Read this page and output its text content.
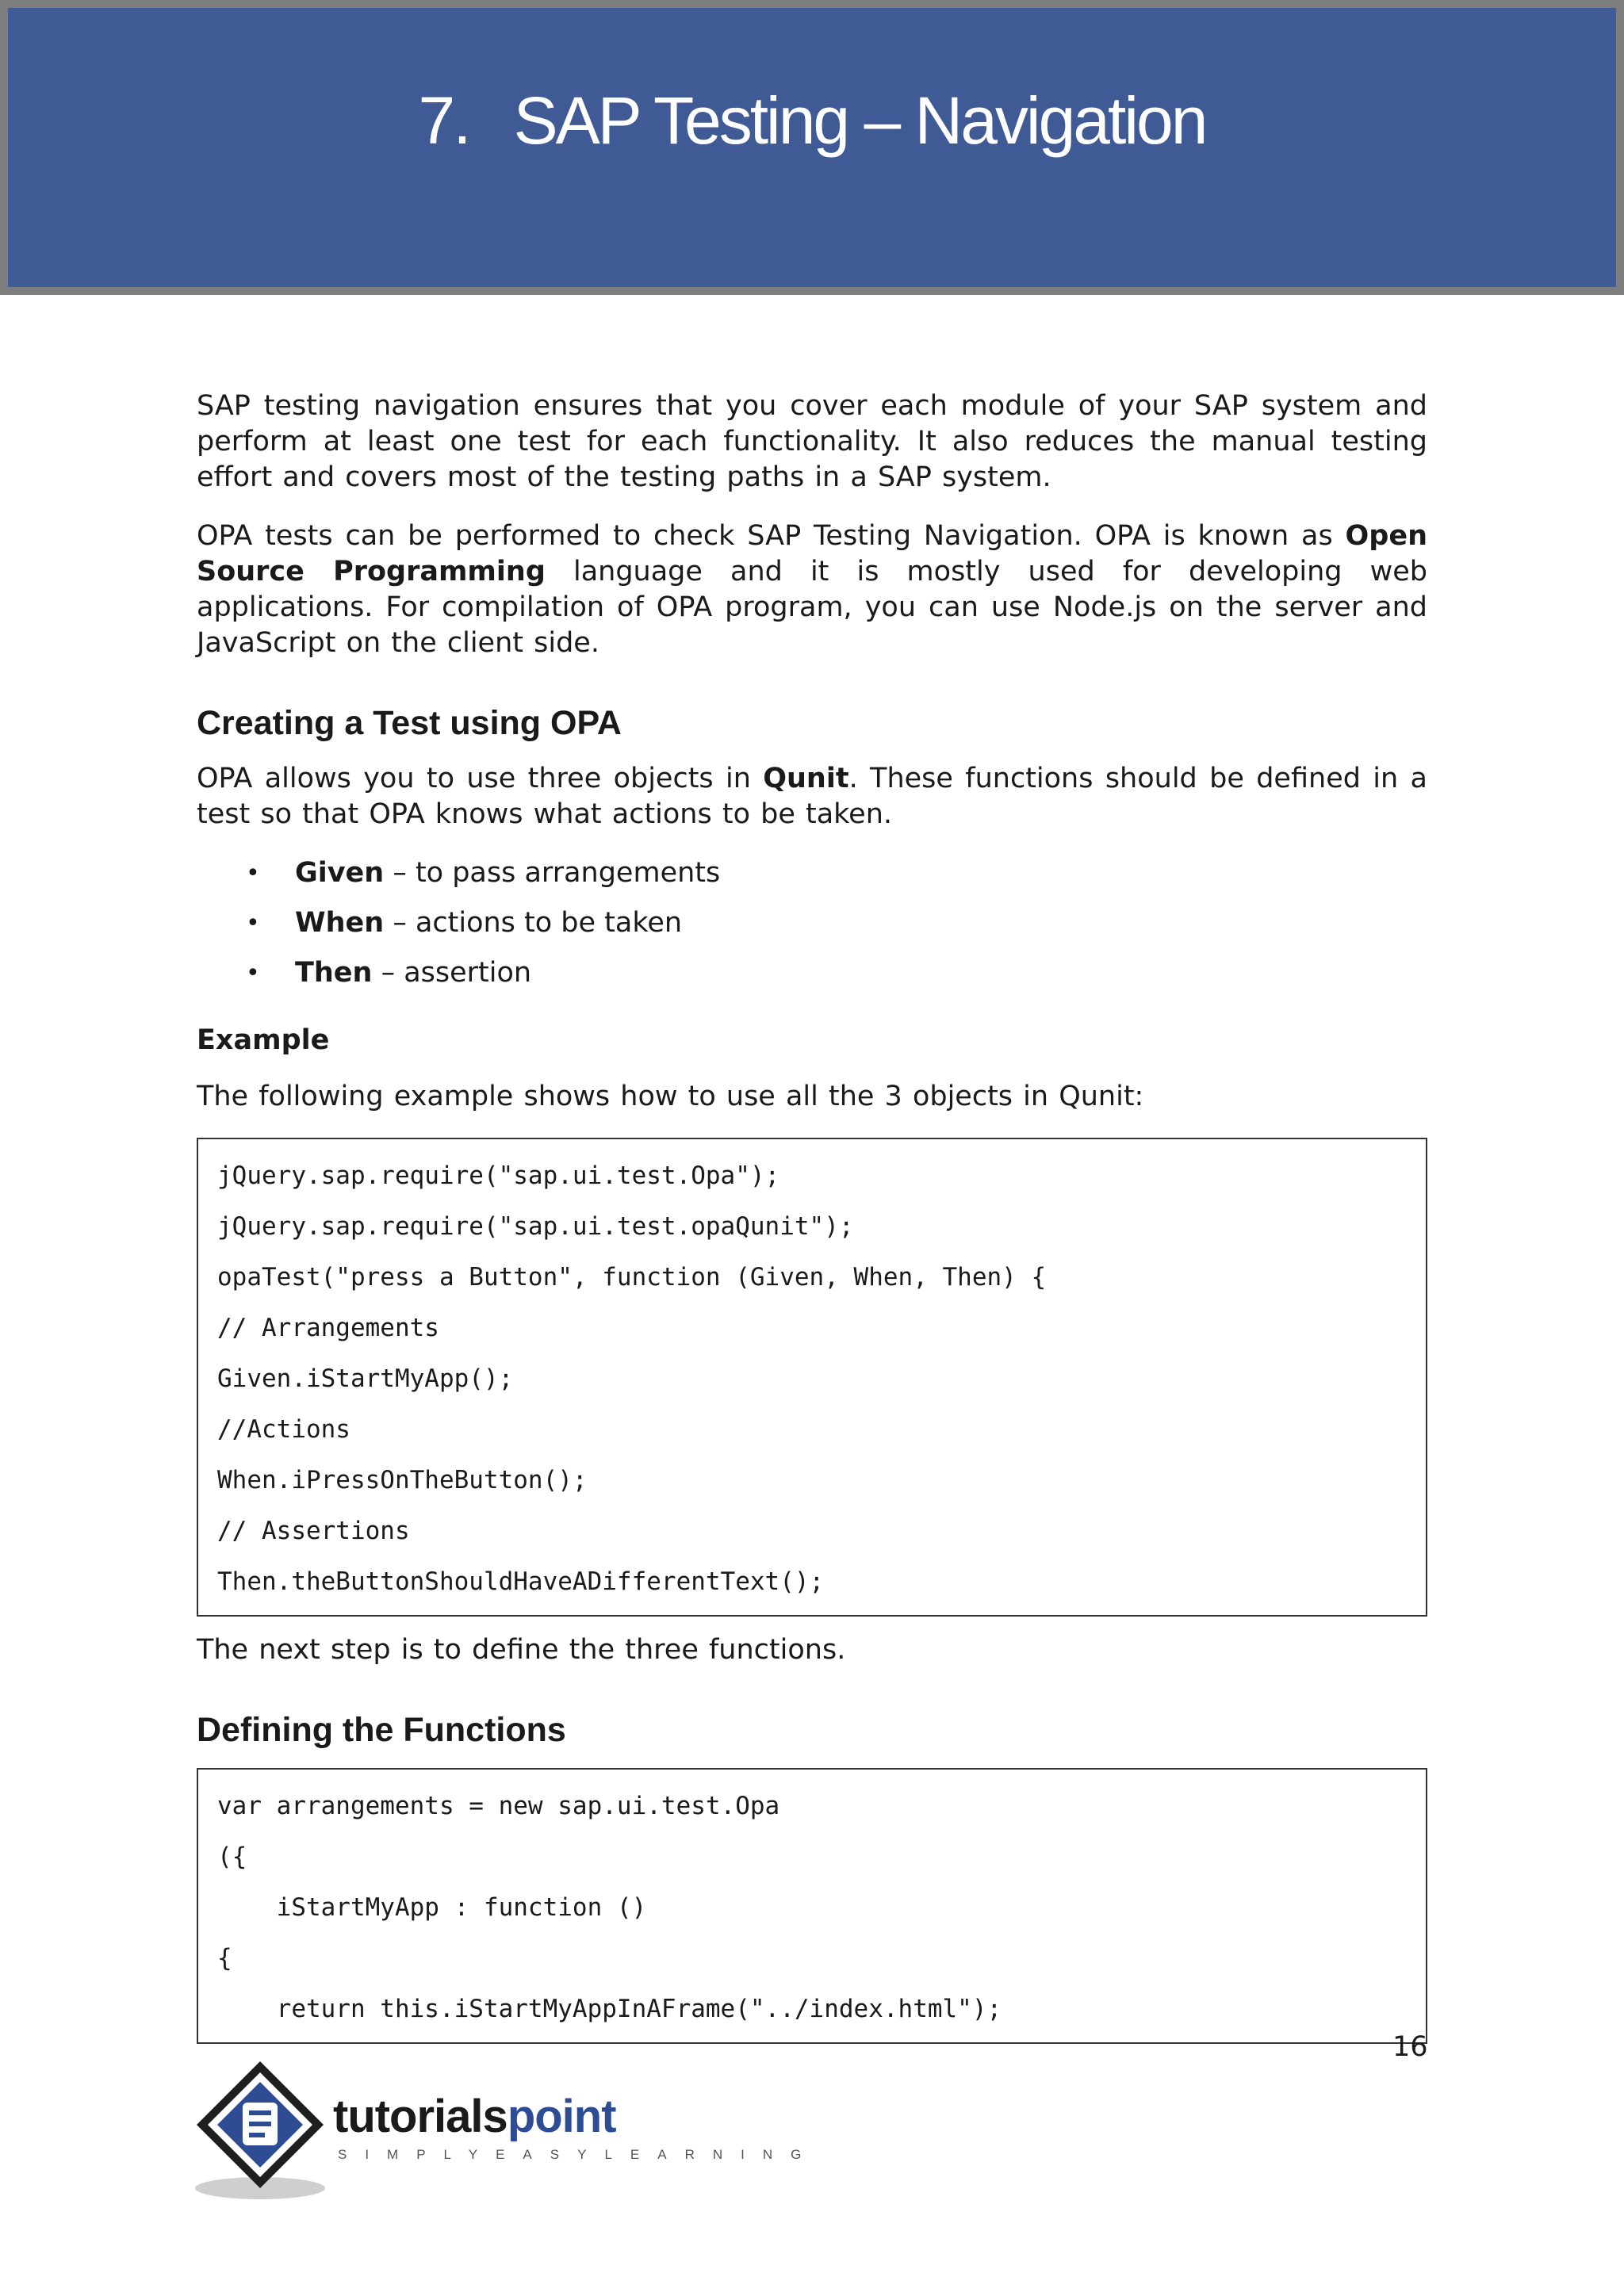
7. SAP Testing – Navigation

SAP testing navigation ensures that you cover each module of your SAP system and perform at least one test for each functionality. It also reduces the manual testing effort and covers most of the testing paths in a SAP system.

OPA tests can be performed to check SAP Testing Navigation. OPA is known as Open Source Programming language and it is mostly used for developing web applications. For compilation of OPA program, you can use Node.js on the server and JavaScript on the client side.

Creating a Test using OPA

OPA allows you to use three objects in Qunit. These functions should be defined in a test so that OPA knows what actions to be taken.

• Given – to pass arrangements
• When – actions to be taken
• Then – assertion
Example

The following example shows how to use all the 3 objects in Qunit:

jQuery.sap.require("sap.ui.test.Opa");
jQuery.sap.require("sap.ui.test.opaQunit");
opaTest("press a Button", function (Given, When, Then) {
// Arrangements
Given.iStartMyApp();
//Actions
When.iPressOnTheButton();
// Assertions
Then.theButtonShouldHaveADifferentText();

The next step is to define the three functions.

Defining the Functions
var arrangements = new sap.ui.test.Opa
({
iStartMyApp : function ()
{
return this.iStartMyAppInAFrame("../index.html");
16
tutorialspoint
SIMPLYEASYLEARNING
